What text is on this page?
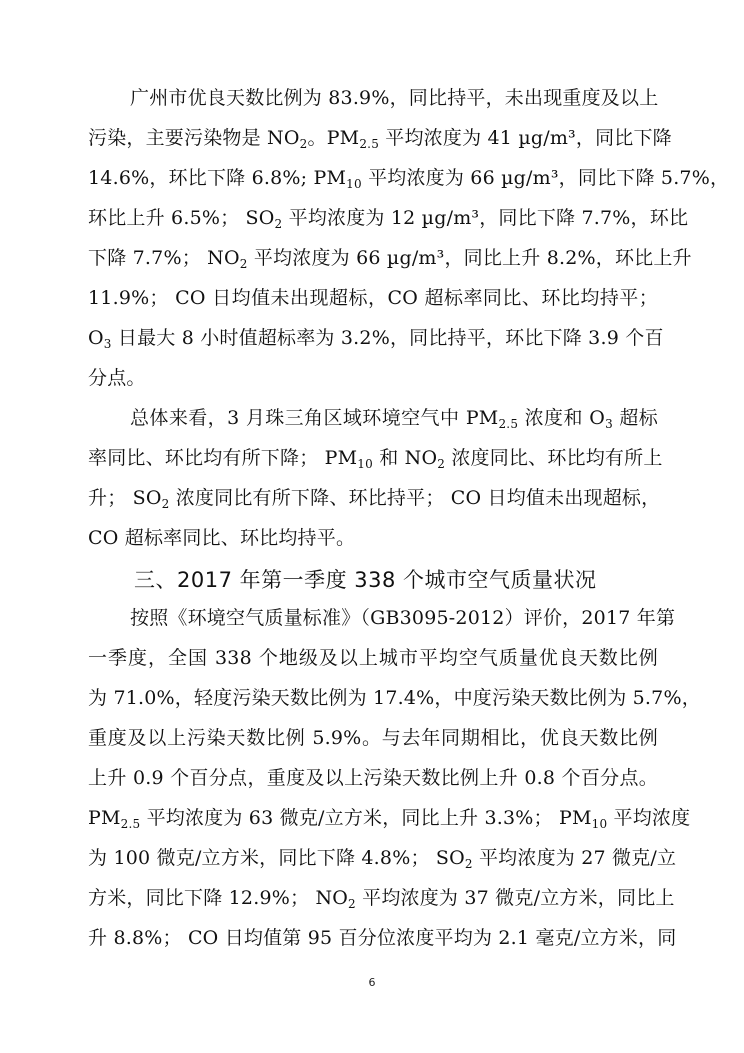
广州市优良天数比例为 83.9%，同比持平，未出现重度及以上
污染，主要污染物是 $NO_2$。$PM_{2.5}$ 平均浓度为 41 µg/m³，同比下降
14.6%，环比下降 6.8%; $PM_{10}$ 平均浓度为 66 µg/m³，同比下降 5.7%，
环比上升 6.5%； $SO_2$ 平均浓度为 12 µg/m³，同比下降 7.7%，环比
下降 7.7%； $NO_2$ 平均浓度为 66 µg/m³，同比上升 8.2%，环比上升
11.9%； CO 日均值未出现超标，CO 超标率同比、环比均持平；
$O_3$ 日最大 8 小时值超标率为 3.2%，同比持平，环比下降 3.9 个百
分点。
总体来看，3 月珠三角区域环境空气中 $PM_{2.5}$ 浓度和 $O_3$ 超标
率同比、环比均有所下降； $PM_{10}$ 和 $NO_2$ 浓度同比、环比均有所上
升； $SO_2$ 浓度同比有所下降、环比持平； CO 日均值未出现超标，
CO 超标率同比、环比均持平。
三、2017 年第一季度 338 个城市空气质量状况
按照《环境空气质量标准》（GB3095-2012）评价，2017 年第
一季度，全国 338 个地级及以上城市平均空气质量优良天数比例
为 71.0%，轻度污染天数比例为 17.4%，中度污染天数比例为 5.7%，
重度及以上污染天数比例 5.9%。与去年同期相比，优良天数比例
上升 0.9 个百分点，重度及以上污染天数比例上升 0.8 个百分点。
$PM_{2.5}$ 平均浓度为 63 微克/立方米，同比上升 3.3%； $PM_{10}$ 平均浓度
为 100 微克/立方米，同比下降 4.8%； $SO_2$ 平均浓度为 27 微克/立
方米，同比下降 12.9%； $NO_2$ 平均浓度为 37 微克/立方米，同比上
升 8.8%； CO 日均值第 95 百分位浓度平均为 2.1 毫克/立方米，同
6
